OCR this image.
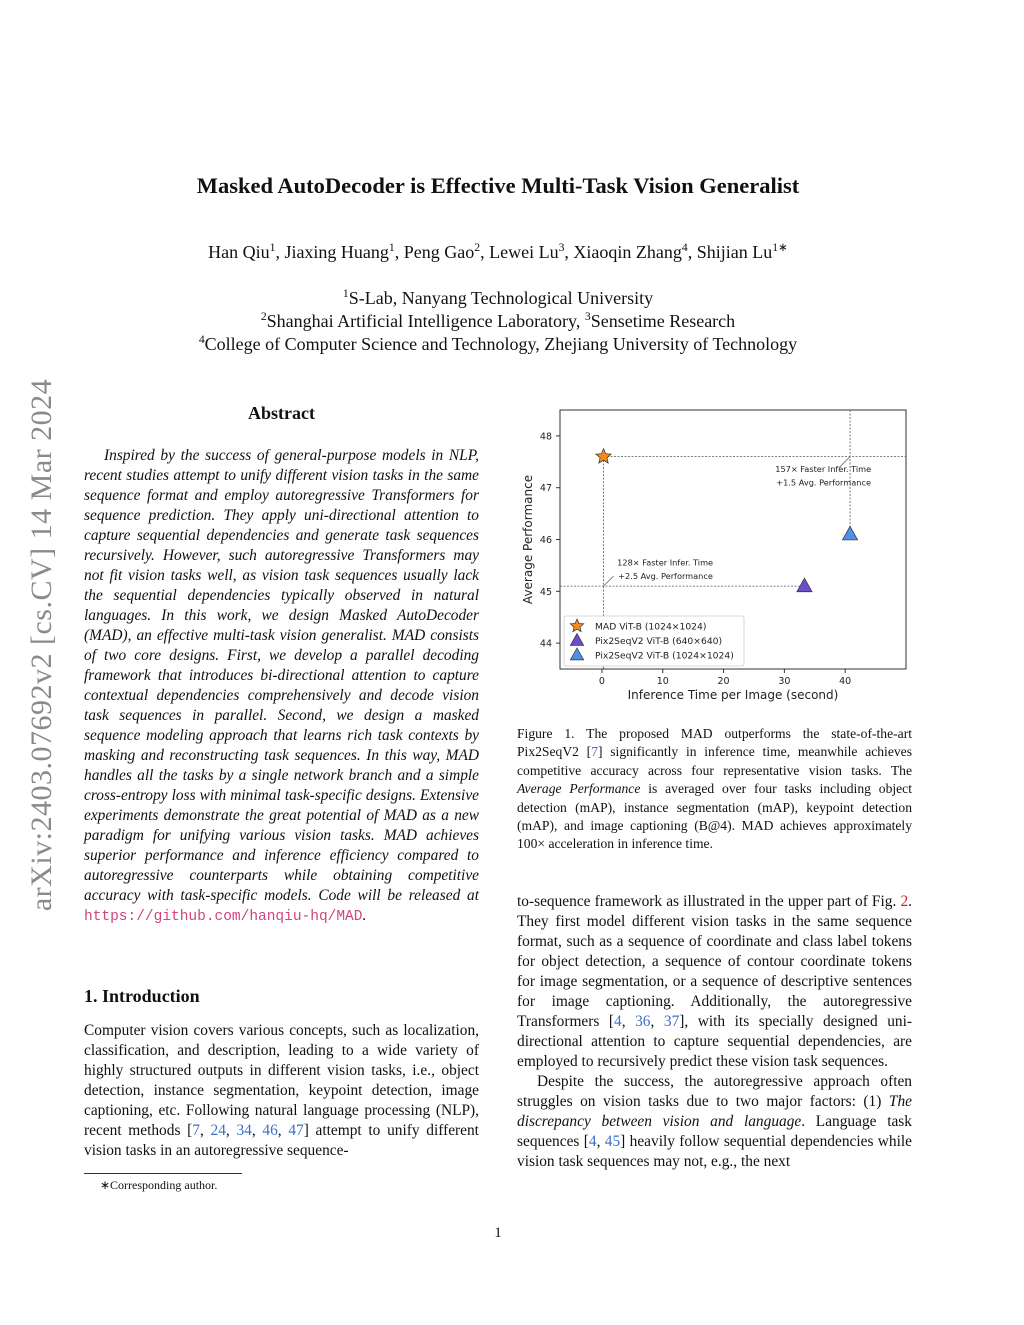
arXiv:2403.07692v2 [cs.CV] 14 Mar 2024
Masked AutoDecoder is Effective Multi-Task Vision Generalist
Han Qiu$^1$, Jiaxing Huang$^1$, Peng Gao$^2$, Lewei Lu$^3$, Xiaoqin Zhang$^4$, Shijian $Lu^{1∗}$
$^1$S-Lab, Nanyang Technological University
$^2$Shanghai Artificial Intelligence Laboratory, $^3$Sensetime Research
$^4$College of Computer Science and Technology, Zhejiang University of Technology
Abstract
Inspired by the success of general-purpose models in NLP, recent studies attempt to unify different vision tasks in the same sequence format and employ autoregressive Transformers for sequence prediction. They apply uni-directional attention to capture sequential dependencies and generate task sequences recursively. However, such autoregressive Transformers may not fit vision tasks well, as vision task sequences usually lack the sequential dependencies typically observed in natural languages. In this work, we design Masked AutoDecoder (MAD), an effective multi-task vision generalist. MAD consists of two core designs. First, we develop a parallel decoding framework that introduces bi-directional attention to capture contextual dependencies comprehensively and decode vision task sequences in parallel. Second, we design a masked sequence modeling approach that learns rich task contexts by masking and reconstructing task sequences. In this way, MAD handles all the tasks by a single network branch and a simple cross-entropy loss with minimal task-specific designs. Extensive experiments demonstrate the great potential of MAD as a new paradigm for unifying various vision tasks. MAD achieves superior performance and inference efficiency compared to autoregressive counterparts while obtaining competitive accuracy with task-specific models. Code will be released at https://github.com/hanqiu-hq/MAD.
1. Introduction
Computer vision covers various concepts, such as localization, classification, and description, leading to a wide variety of highly structured outputs in different vision tasks, i.e., object detection, instance segmentation, keypoint detection, image captioning, etc. Following natural language processing (NLP), recent methods [7, 24, 34, 46, 47] attempt to unify different vision tasks in an autoregressive sequence-
∗Corresponding author.
0	10	20	30	40
44
45
46
47
48
Inference Time per Image (second)
Average Performance
157× Faster Infer. Time
+1.5 Avg. Performance
128× Faster Infer. Time
+2.5 Avg. Performance
MAD ViT-B (1024×1024)
Pix2SeqV2 ViT-B (640×640)
Pix2SeqV2 ViT-B (1024×1024)
Figure 1. The proposed MAD outperforms the state-of-the-art Pix2SeqV2 [7] significantly in inference time, meanwhile achieves competitive accuracy across four representative vision tasks. The Average Performance is averaged over four tasks including object detection (mAP), instance segmentation (mAP), keypoint detection (mAP), and image captioning (B@4). MAD achieves approximately 100× acceleration in inference time.

to-sequence framework as illustrated in the upper part of Fig. 2. They first model different vision tasks in the same sequence format, such as a sequence of coordinate and class label tokens for object detection, a sequence of contour coordinate tokens for image segmentation, or a sequence of descriptive sentences for image captioning. Additionally, the autoregressive Transformers [4, 36, 37], with its specially designed uni-directional attention to capture sequential dependencies, are employed to recursively predict these vision task sequences.

Despite the success, the autoregressive approach often struggles on vision tasks due to two major factors: (1) The discrepancy between vision and language. Language task sequences [4, 45] heavily follow sequential dependencies while vision task sequences may not, e.g., the next

1
